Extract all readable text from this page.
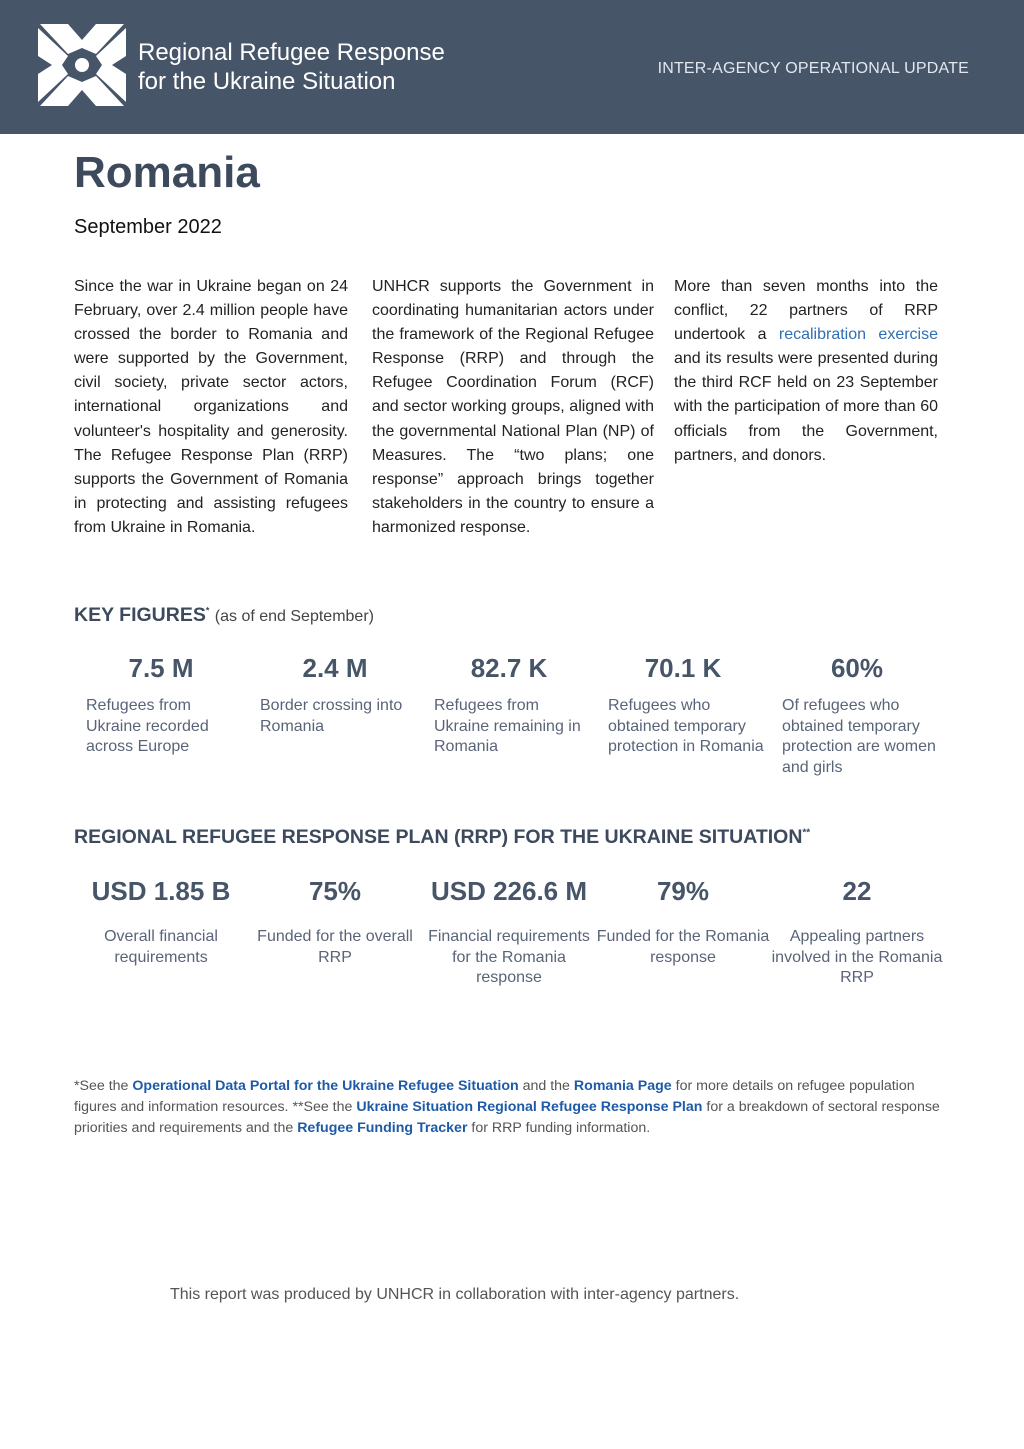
Regional Refugee Response
for the Ukraine Situation	INTER-AGENCY OPERATIONAL UPDATE
Romania
September 2022
Since the war in Ukraine began on 24 February, over 2.4 million people have crossed the border to Romania and were supported by the Government, civil society, private sector actors, international organizations and volunteer's hospitality and generosity. The Refugee Response Plan (RRP) supports the Government of Romania in protecting and assisting refugees from Ukraine in Romania.
UNHCR supports the Government in coordinating humanitarian actors under the framework of the Regional Refugee Response (RRP) and through the Refugee Coordination Forum (RCF) and sector working groups, aligned with the governmental National Plan (NP) of Measures. The “two plans; one response” approach brings together stakeholders in the country to ensure a harmonized response.
More than seven months into the conflict, 22 partners of RRP undertook a recalibration exercise and its results were presented during the third RCF held on 23 September with the participation of more than 60 officials from the Government, partners, and donors.
KEY FIGURES* (as of end September)
7.5 M
Refugees from Ukraine recorded across Europe
2.4 M
Border crossing into Romania
82.7 K
Refugees from Ukraine remaining in Romania
70.1 K
Refugees who obtained temporary protection in Romania
60%
Of refugees who obtained temporary protection are women and girls
REGIONAL REFUGEE RESPONSE PLAN (RRP) FOR THE UKRAINE SITUATION**
USD 1.85 B
Overall financial requirements
75%
Funded for the overall RRP
USD 226.6 M
Financial requirements for the Romania response
79%
Funded for the Romania response
22
Appealing partners involved in the Romania RRP
*See the Operational Data Portal for the Ukraine Refugee Situation and the Romania Page for more details on refugee population figures and information resources. **See the Ukraine Situation Regional Refugee Response Plan for a breakdown of sectoral response priorities and requirements and the Refugee Funding Tracker for RRP funding information.
This report was produced by UNHCR in collaboration with inter-agency partners.
